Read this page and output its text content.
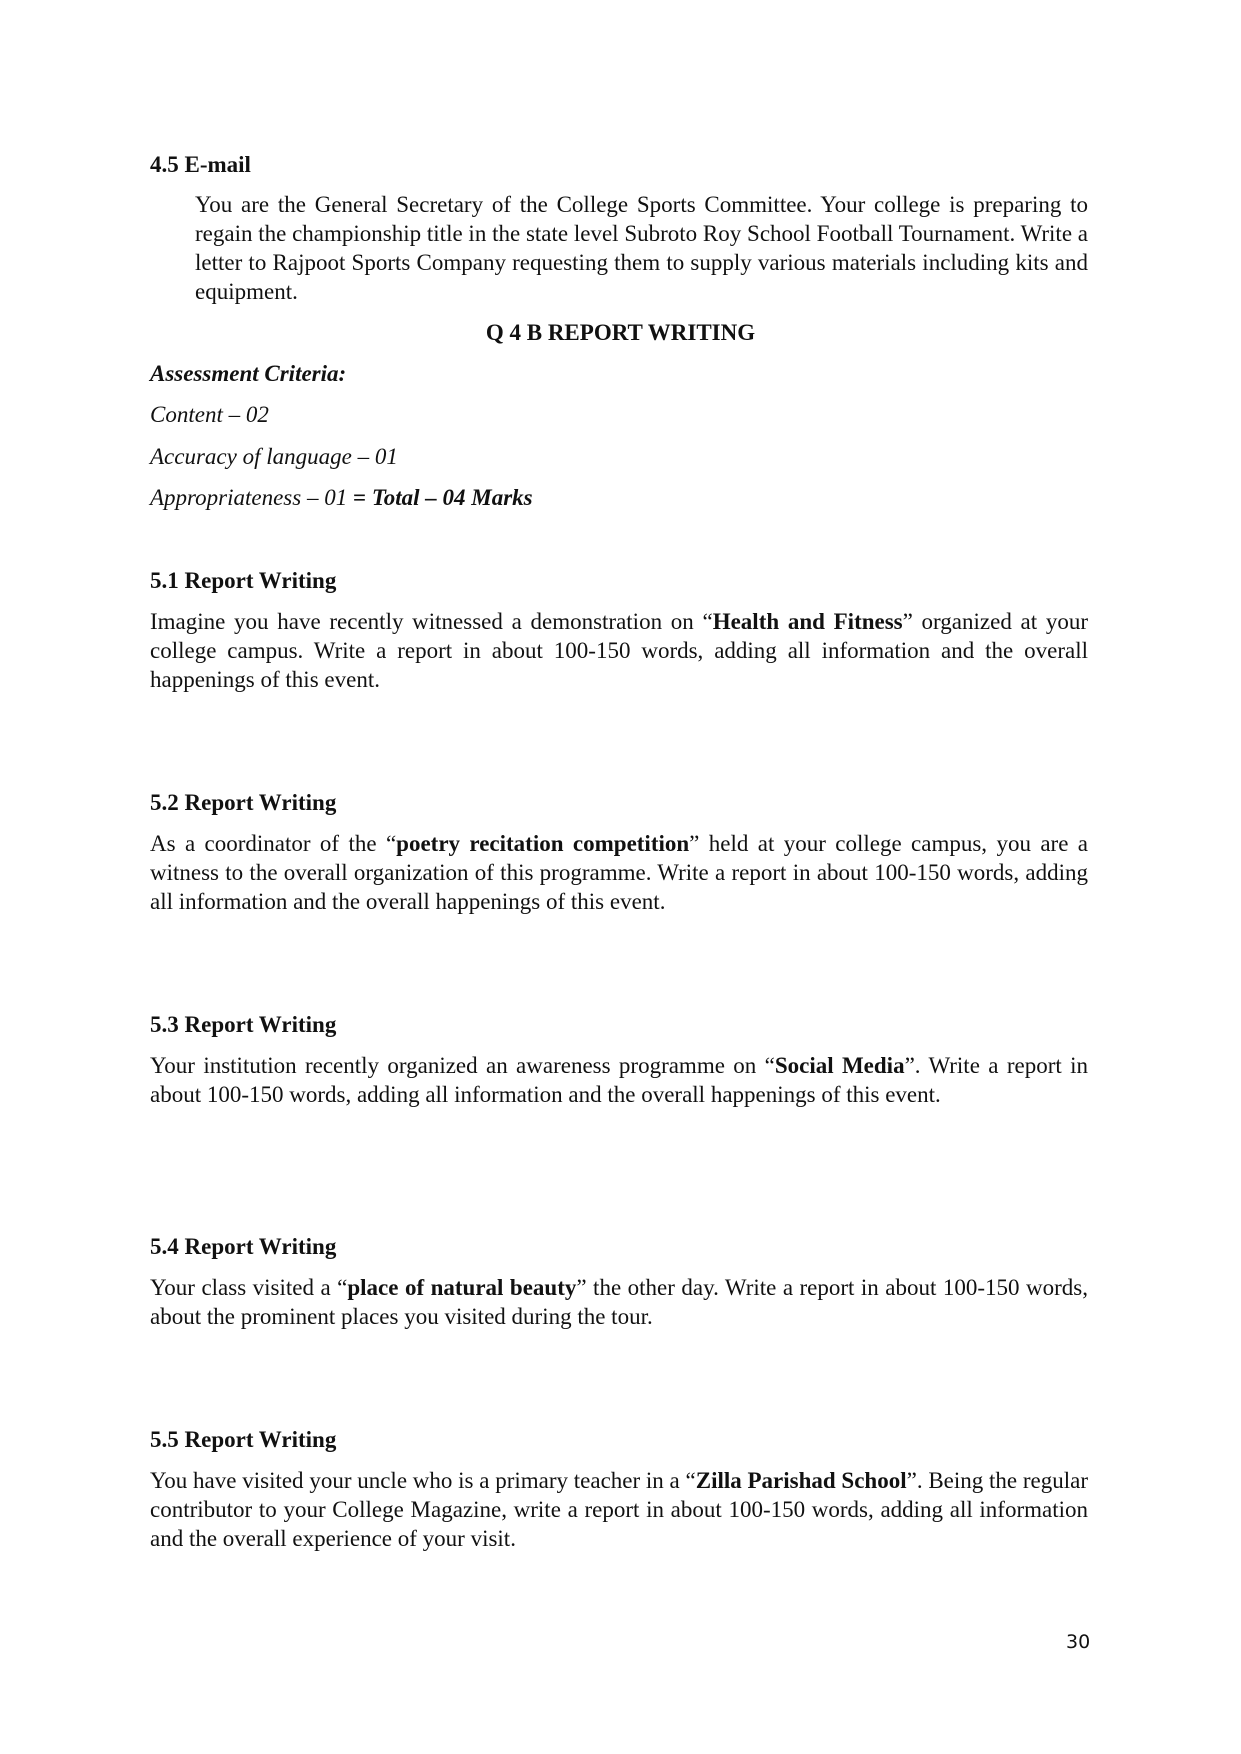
4.5 E-mail

You are the General Secretary of the College Sports Committee. Your college is preparing to regain the championship title in the state level Subroto Roy School Football Tournament. Write a letter to Rajpoot Sports Company requesting them to supply various materials including kits and equipment.

Q 4 B REPORT WRITING

Assessment Criteria:

Content – 02

Accuracy of language – 01

Appropriateness – 01 = Total – 04 Marks

5.1 Report Writing

Imagine you have recently witnessed a demonstration on “Health and Fitness” organized at your college campus. Write a report in about 100-150 words, adding all information and the overall happenings of this event.

5.2 Report Writing

As a coordinator of the “poetry recitation competition” held at your college campus, you are a witness to the overall organization of this programme. Write a report in about 100-150 words, adding all information and the overall happenings of this event.

5.3 Report Writing

Your institution recently organized an awareness programme on “Social Media”. Write a report in about 100-150 words, adding all information and the overall happenings of this event.

5.4 Report Writing

Your class visited a “place of natural beauty” the other day. Write a report in about 100-150 words, about the prominent places you visited during the tour.

5.5 Report Writing

You have visited your uncle who is a primary teacher in a “Zilla Parishad School”. Being the regular contributor to your College Magazine, write a report in about 100-150 words, adding all information and the overall experience of your visit.

30
